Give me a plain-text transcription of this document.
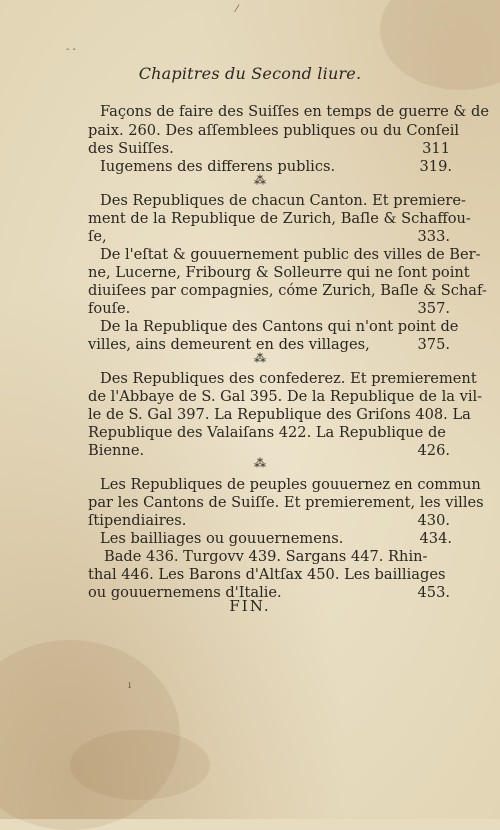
⁄
- -
ı
Chapitres du Second liure.
Façons de faire des Suiſſes en temps de guerre & de
paix. 260. Des aſſemblees publiques ou du Conſeil
des Suiſſes.	311
Iugemens des differens publics.	319.
⁂
Des Republiques de chacun Canton. Et premiere-
ment de la Republique de Zurich, Baſle & Schaffou-
ſe,	333.
De l'eſtat & gouuernement public des villes de Ber-
ne, Lucerne, Fribourg & Solleurre qui ne ſont point
diuiſees par compagnies, cóme Zurich, Baſle & Schaf-
fouſe.	357.
De la Republique des Cantons qui n'ont point de
villes, ains demeurent en des villages,	375.
⁂
Des Republiques des confederez. Et premierement
de l'Abbaye de S. Gal 395. De la Republique de la vil-
le de S. Gal 397. La Republique des Griſons 408. La
Republique des Valaiſans 422. La Republique de
Bienne.	426.
⁂
Les Republiques de peuples gouuernez en commun
par les Cantons de Suiſſe. Et premierement, les villes
ſtipendiaires.	430.
Les bailliages ou gouuernemens.	434.
Bade 436. Turgovv 439. Sargans 447. Rhin-
thal 446. Les Barons d'Altſax 450. Les bailliages
ou gouuernemens d'Italie.	453.
FIN.
